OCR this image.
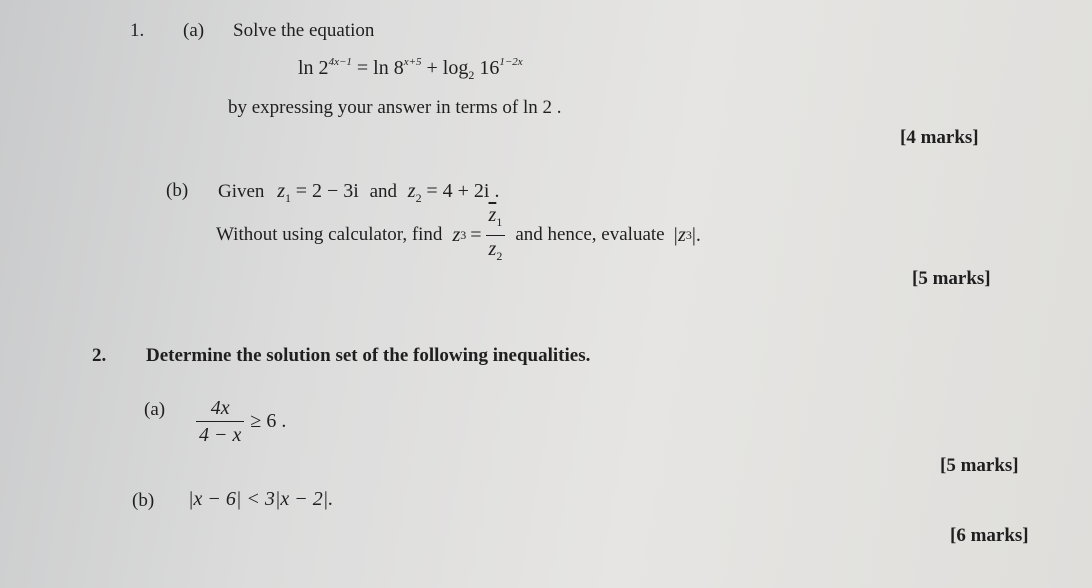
1. (a) Solve the equation
$\ln 2^{4x-1} = \ln 8^{x+5} + \log_2 16^{1-2x}$
by expressing your answer in terms of ln 2 .
[4 marks]
(b) Given $z_1 = 2 - 3i$ and $z_2 = 4 + 2i$ .
Without using calculator, find z $3 = \frac{\overline{z}_1}{z_2}$ and hence, evaluate |z 3 |.
[5 marks]
2. Determine the solution set of the following inequalities.
$(a) \frac{4x}{4 - x} \ge 6$ .
[5 marks]
(b) |x − 6| < 3|x − 2|.
[6 marks]
